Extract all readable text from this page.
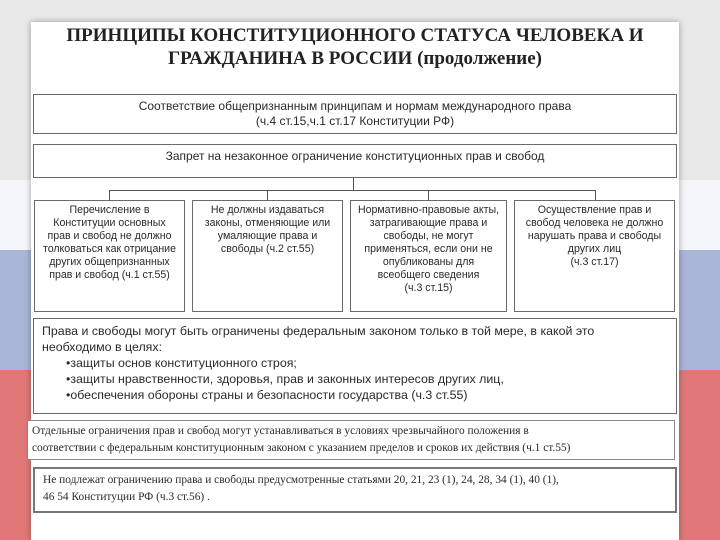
ПРИНЦИПЫ КОНСТИТУЦИОННОГО СТАТУСА ЧЕЛОВЕКА И
ГРАЖДАНИНА В РОССИИ (продолжение)
Соответствие общепризнанным принципам и нормам международного права
(ч.4 ст.15,ч.1 ст.17 Конституции РФ)
Запрет на незаконное ограничение конституционных прав и свобод
Перечисление в
Конституции основных
прав и свобод не должно
толковаться как отрицание
других общепризнанных
прав и свобод (ч.1 ст.55)
Не должны издаваться
законы, отменяющие или
умаляющие права и
свободы (ч.2 ст.55)
Нормативно-правовые акты,
затрагивающие права и
свободы, не могут
применяться, если они не
опубликованы для
всеобщего сведения
(ч.3 ст.15)
Осуществление прав и
свобод человека не должно
нарушать права и свободы
других лиц
(ч.3 ст.17)
Права и свободы могут быть ограничены федеральным законом только в той мере, в какой это
необходимо в целях:
•защиты основ конституционного строя;
•защиты нравственности, здоровья, прав и законных интересов других лиц,
•обеспечения обороны страны и безопасности государства (ч.3 ст.55)
Отдельные ограничения прав и свобод могут устанавливаться в условиях чрезвычайного положения в
соответствии с федеральным конституционным законом с указанием пределов и сроков их действия (ч.1 ст.55)
Не подлежат ограничению права и свободы предусмотренные статьями 20, 21, 23 (1), 24, 28, 34 (1), 40 (1),
46 54 Конституции РФ (ч.3 ст.56) .
